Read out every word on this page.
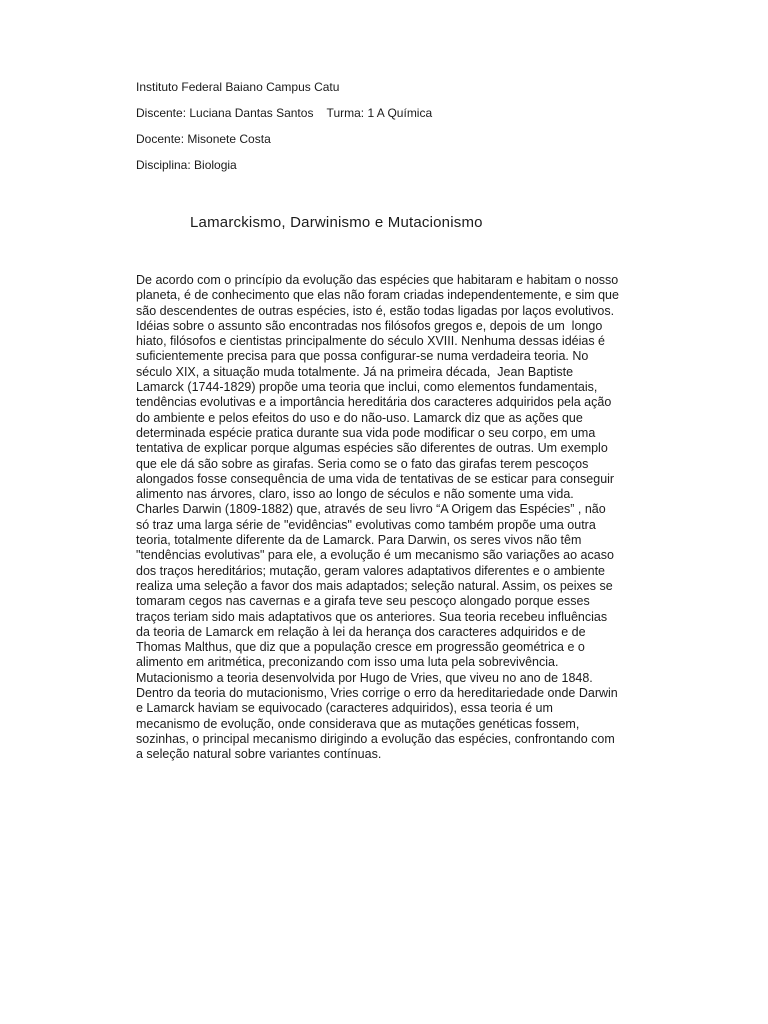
Instituto Federal Baiano Campus Catu
Discente: Luciana Dantas Santos    Turma: 1 A Química
Docente: Misonete Costa
Disciplina: Biologia
Lamarckismo, Darwinismo e Mutacionismo
De acordo com o princípio da evolução das espécies que habitaram e habitam o nosso
planeta, é de conhecimento que elas não foram criadas independentemente, e sim que
são descendentes de outras espécies, isto é, estão todas ligadas por laços evolutivos.
Idéias sobre o assunto são encontradas nos filósofos gregos e, depois de um  longo
hiato, filósofos e cientistas principalmente do século XVIII. Nenhuma dessas idéias é
suficientemente precisa para que possa configurar-se numa verdadeira teoria. No
século XIX, a situação muda totalmente. Já na primeira década,  Jean Baptiste
Lamarck (1744-1829) propõe uma teoria que inclui, como elementos fundamentais,
tendências evolutivas e a importância hereditária dos caracteres adquiridos pela ação
do ambiente e pelos efeitos do uso e do não-uso. Lamarck diz que as ações que
determinada espécie pratica durante sua vida pode modificar o seu corpo, em uma
tentativa de explicar porque algumas espécies são diferentes de outras. Um exemplo
que ele dá são sobre as girafas. Seria como se o fato das girafas terem pescoços
alongados fosse consequência de uma vida de tentativas de se esticar para conseguir
alimento nas árvores, claro, isso ao longo de séculos e não somente uma vida.
Charles Darwin (1809-1882) que, através de seu livro “A Origem das Espécies” , não
só traz uma larga série de "evidências" evolutivas como também propõe uma outra
teoria, totalmente diferente da de Lamarck. Para Darwin, os seres vivos não têm
"tendências evolutivas" para ele, a evolução é um mecanismo são variações ao acaso
dos traços hereditários; mutação, geram valores adaptativos diferentes e o ambiente
realiza uma seleção a favor dos mais adaptados; seleção natural. Assim, os peixes se
tomaram cegos nas cavernas e a girafa teve seu pescoço alongado porque esses
traços teriam sido mais adaptativos que os anteriores. Sua teoria recebeu influências
da teoria de Lamarck em relação à lei da herança dos caracteres adquiridos e de
Thomas Malthus, que diz que a população cresce em progressão geométrica e o
alimento em aritmética, preconizando com isso uma luta pela sobrevivência.
Mutacionismo a teoria desenvolvida por Hugo de Vries, que viveu no ano de 1848.
Dentro da teoria do mutacionismo, Vries corrige o erro da hereditariedade onde Darwin
e Lamarck haviam se equivocado (caracteres adquiridos), essa teoria é um
mecanismo de evolução, onde consideravа que as mutações genéticas fossem,
sozinhas, o principal mecanismo dirigindo a evolução das espécies, confrontando com
a seleção natural sobre variantes contínuas.
